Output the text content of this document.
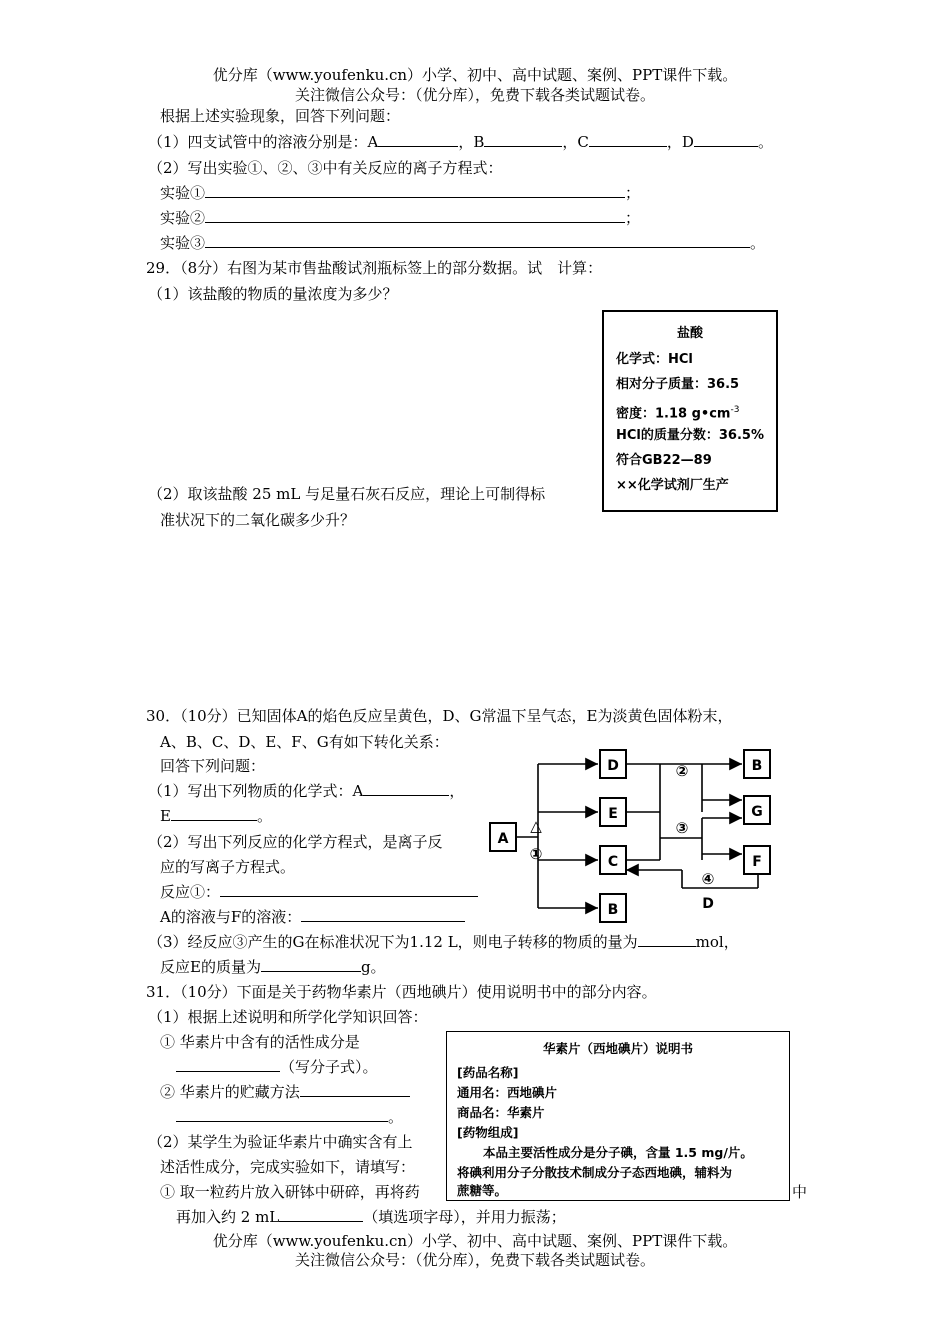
优分库（www.youfenku.cn）小学、初中、高中试题、案例、PPT课件下载。
关注微信公众号：（优分库），免费下载各类试题试卷。
根据上述实验现象，回答下列问题：
（1）四支试管中的溶液分别是：A	，B	，C	，D	。
（2）写出实验①、②、③中有关反应的离子方程式：
实验①	；
实验②	；
实验③	。
29．（8分）右图为某市售盐酸试剂瓶标签上的部分数据。试　计算：
（1）该盐酸的物质的量浓度为多少？
（2）取该盐酸 25 mL 与足量石灰石反应，理论上可制得标
准状况下的二氧化碳多少升？
盐酸
化学式：HCl
相对分子质量：36.5
密度：1.18 $g•cm^{-3}$
HCl的质量分数：36.5%
符合GB22—89
××化学试剂厂生产
30．（10分）已知固体A的焰色反应呈黄色，D、G常温下呈气态，E为淡黄色固体粉末，
A、B、C、D、E、F、G有如下转化关系：
回答下列问题：
（1）写出下列物质的化学式：A	，
E	。
（2）写出下列反应的化学方程式，是离子反
应的写离子方程式。
反应①：
A的溶液与F的溶液：
（3）经反应③产生的G在标准状况下为1.12 L，则电子转移的物质的量为	mol，
反应E的质量为	g。
A
D
E
C
B
B
G
F
△
①
②
③
④
D
31．（10分）下面是关于药物华素片（西地碘片）使用说明书中的部分内容。
（1）根据上述说明和所学化学知识回答：
① 华素片中含有的活性成分是
（写分子式）。
② 华素片的贮藏方法
。
（2）某学生为验证华素片中确实含有上
述活性成分，完成实验如下，请填写：
① 取一粒药片放入研钵中研碎，再将药	中
再加入约 2 mL	（填选项字母），并用力振荡；
华素片（西地碘片）说明书
[药品名称]
通用名：西地碘片
商品名：华素片
[药物组成]
本品主要活性成分是分子碘，含量 1.5 mg/片。
将碘利用分子分散技术制成分子态西地碘，辅料为
蔗糖等。
优分库（www.youfenku.cn）小学、初中、高中试题、案例、PPT课件下载。
关注微信公众号：（优分库），免费下载各类试题试卷。
